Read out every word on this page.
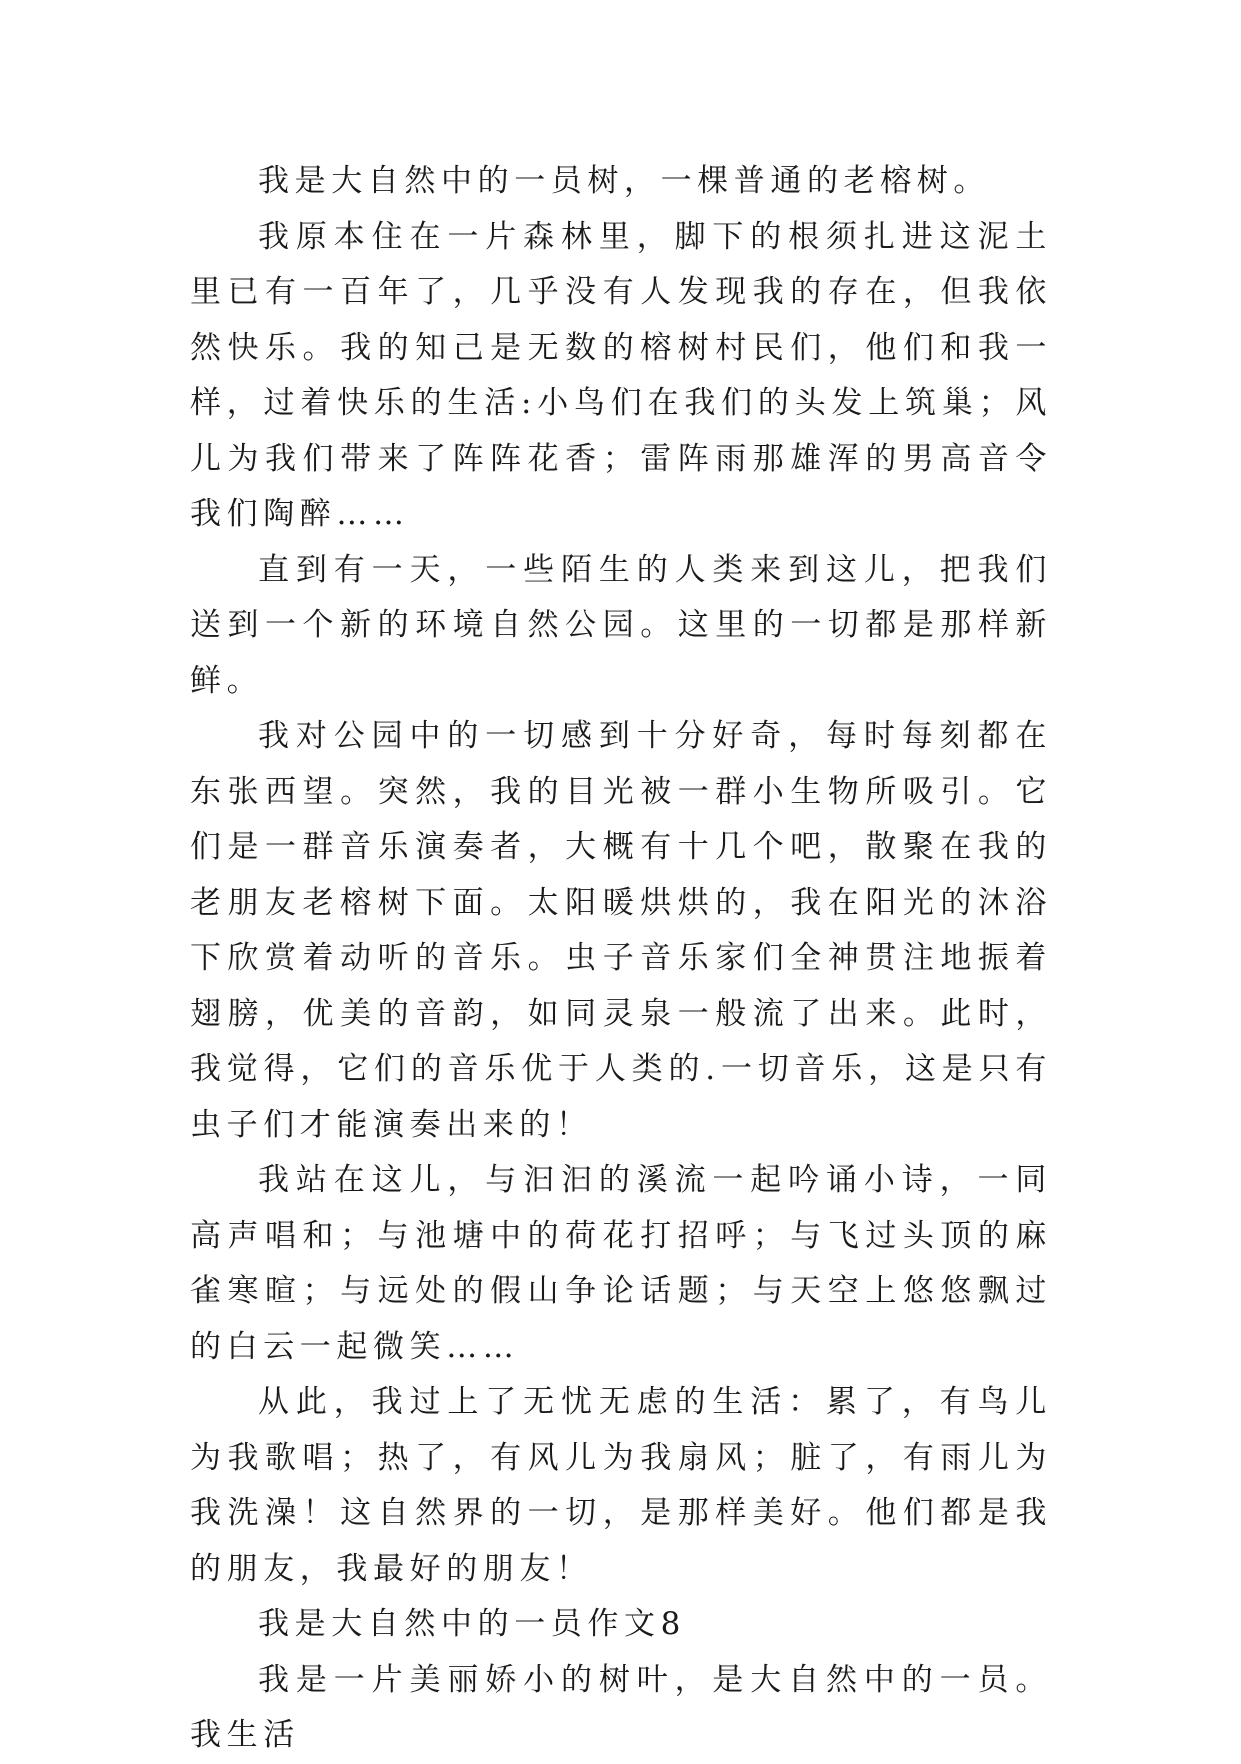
我是大自然中的一员树，一棵普通的老榕树。

我原本住在一片森林里，脚下的根须扎进这泥土里已有一百年了，几乎没有人发现我的存在，但我依然快乐。我的知己是无数的榕树村民们，他们和我一样，过着快乐的生活:小鸟们在我们的头发上筑巢；风儿为我们带来了阵阵花香；雷阵雨那雄浑的男高音令我们陶醉……

直到有一天，一些陌生的人类来到这儿，把我们送到一个新的环境自然公园。这里的一切都是那样新鲜。

我对公园中的一切感到十分好奇，每时每刻都在东张西望。突然，我的目光被一群小生物所吸引。它们是一群音乐演奏者，大概有十几个吧，散聚在我的老朋友老榕树下面。太阳暖烘烘的，我在阳光的沐浴下欣赏着动听的音乐。虫子音乐家们全神贯注地振着翅膀，优美的音韵，如同灵泉一般流了出来。此时，我觉得，它们的音乐优于人类的.一切音乐，这是只有虫子们才能演奏出来的！

我站在这儿，与汩汩的溪流一起吟诵小诗，一同高声唱和；与池塘中的荷花打招呼；与飞过头顶的麻雀寒暄；与远处的假山争论话题；与天空上悠悠飘过的白云一起微笑……

从此，我过上了无忧无虑的生活：累了，有鸟儿为我歌唱；热了，有风儿为我扇风；脏了，有雨儿为我洗澡！这自然界的一切，是那样美好。他们都是我的朋友，我最好的朋友！

我是大自然中的一员作文8

我是一片美丽娇小的树叶，是大自然中的一员。我生活
